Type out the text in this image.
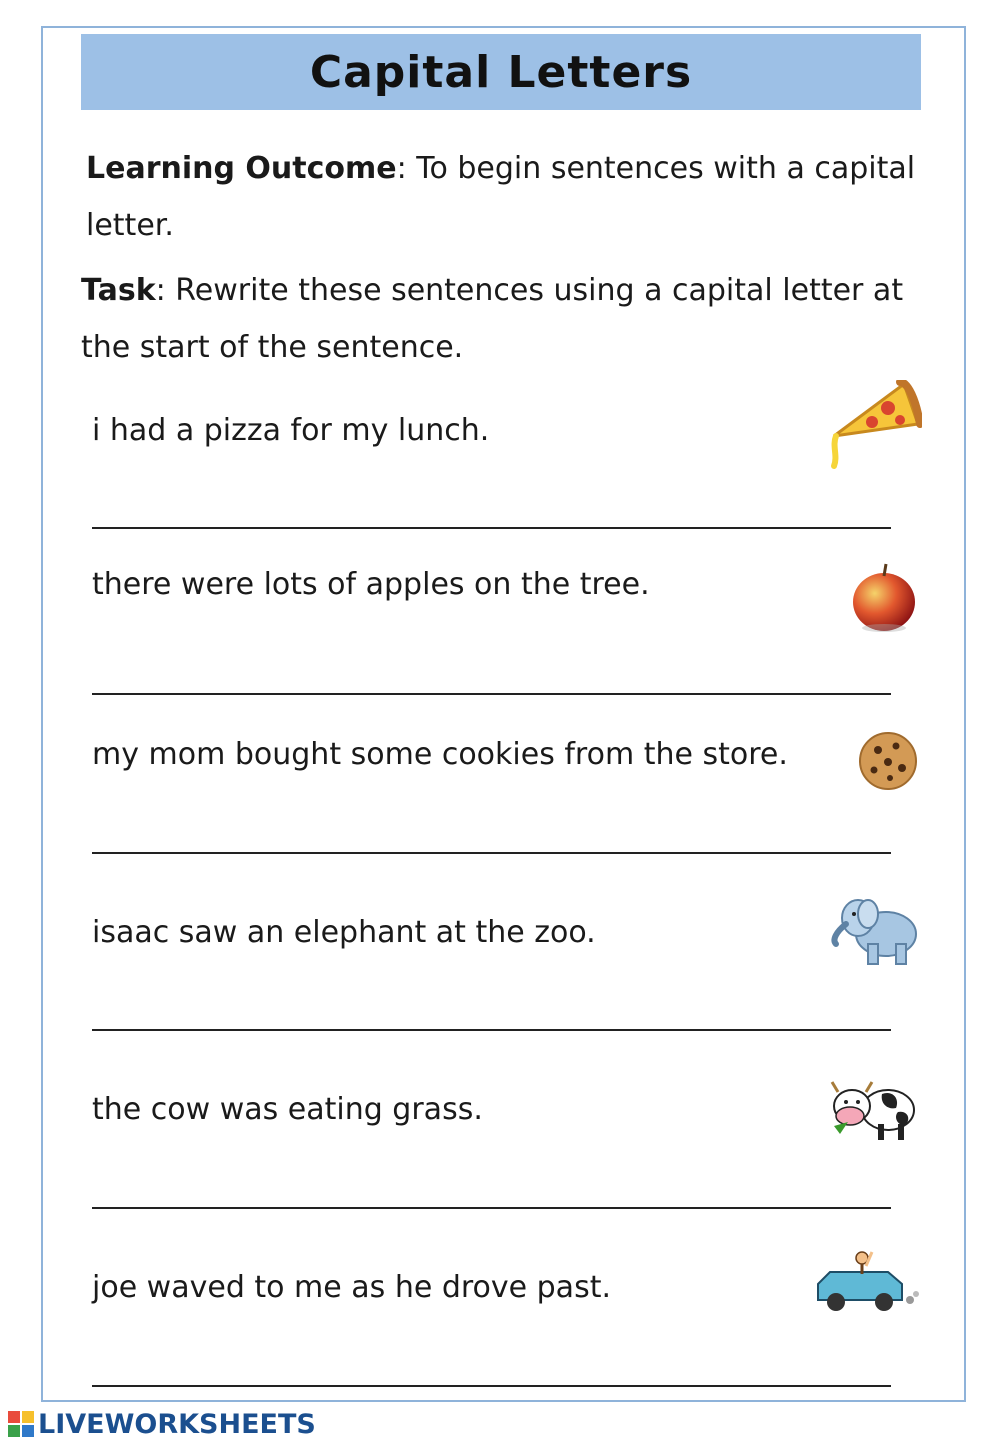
Capital Letters
Learning Outcome: To begin sentences with a capital letter.
Task: Rewrite these sentences using a capital letter at the start of the sentence.
i had a pizza for my lunch.
there were lots of apples on the tree.
my mom bought some cookies from the store.
isaac saw an elephant at the zoo.
the cow was eating grass.
joe waved to me as he drove past.
LIVEWORKSHEETS
